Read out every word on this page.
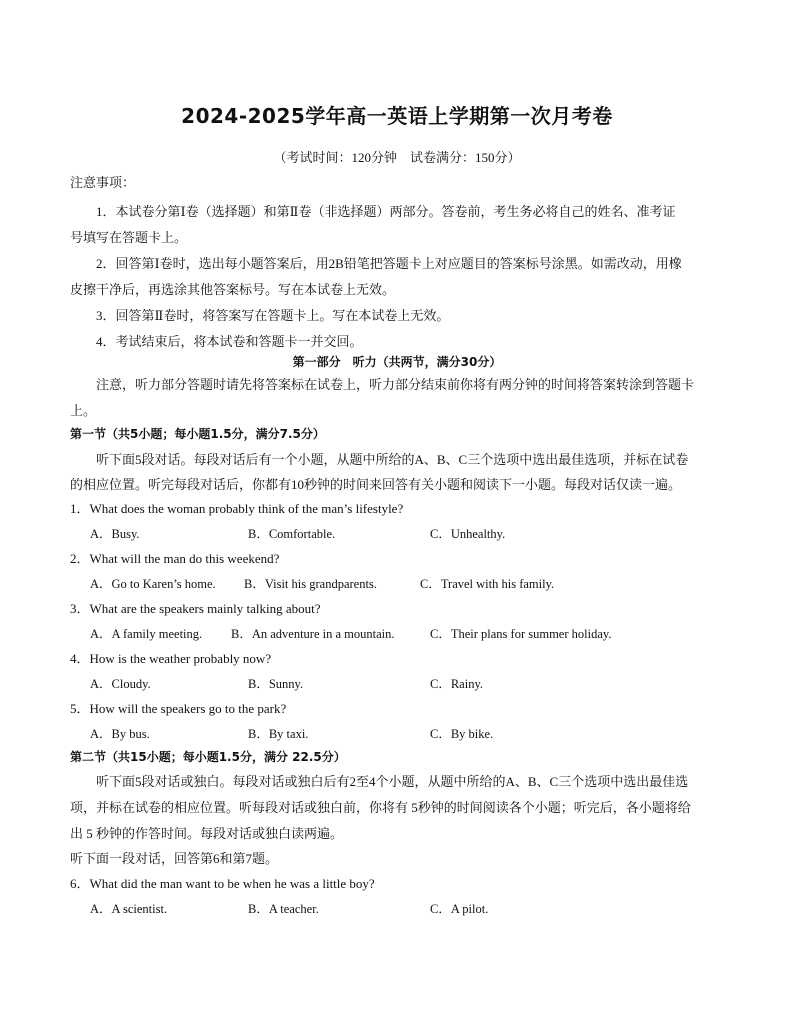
2024-2025学年高一英语上学期第一次月考卷
（考试时间：120分钟　试卷满分：150分）
注意事项：
1．本试卷分第Ⅰ卷（选择题）和第Ⅱ卷（非选择题）两部分。答卷前，考生务必将自己的姓名、准考证
号填写在答题卡上。
2．回答第Ⅰ卷时，选出每小题答案后，用2B铅笔把答题卡上对应题目的答案标号涂黑。如需改动，用橡
皮擦干净后，再选涂其他答案标号。写在本试卷上无效。
3．回答第Ⅱ卷时，将答案写在答题卡上。写在本试卷上无效。
4．考试结束后，将本试卷和答题卡一并交回。
第一部分　听力（共两节，满分30分）
注意，听力部分答题时请先将答案标在试卷上，听力部分结束前你将有两分钟的时间将答案转涂到答题卡
上。
第一节（共5小题；每小题1.5分，满分7.5分）
听下面5段对话。每段对话后有一个小题，从题中所给的A、B、C三个选项中选出最佳选项，并标在试卷
的相应位置。听完每段对话后，你都有10秒钟的时间来回答有关小题和阅读下一小题。每段对话仅读一遍。
1．What does the woman probably think of the man’s lifestyle?
A．Busy.	B．Comfortable.	C．Unhealthy.
2．What will the man do this weekend?
A．Go to Karen’s home. B．Visit his grandparents.	C．Travel with his family.
3．What are the speakers mainly talking about?
A．A family meeting. B．An adventure in a mountain.	C．Their plans for summer holiday.
4．How is the weather probably now?
A．Cloudy.	B．Sunny.	C．Rainy.
5．How will the speakers go to the park?
A．By bus.	B．By taxi.	C．By bike.
第二节（共15小题；每小题1.5分，满分 22.5分）
听下面5段对话或独白。每段对话或独白后有2至4个小题，从题中所给的A、B、C三个选项中选出最佳选
项，并标在试卷的相应位置。听每段对话或独白前，你将有 5秒钟的时间阅读各个小题；听完后，各小题将给
出 5 秒钟的作答时间。每段对话或独白读两遍。
听下面一段对话，回答第6和第7题。
6．What did the man want to be when he was a little boy?
A．A scientist.	B．A teacher.	C．A pilot.
